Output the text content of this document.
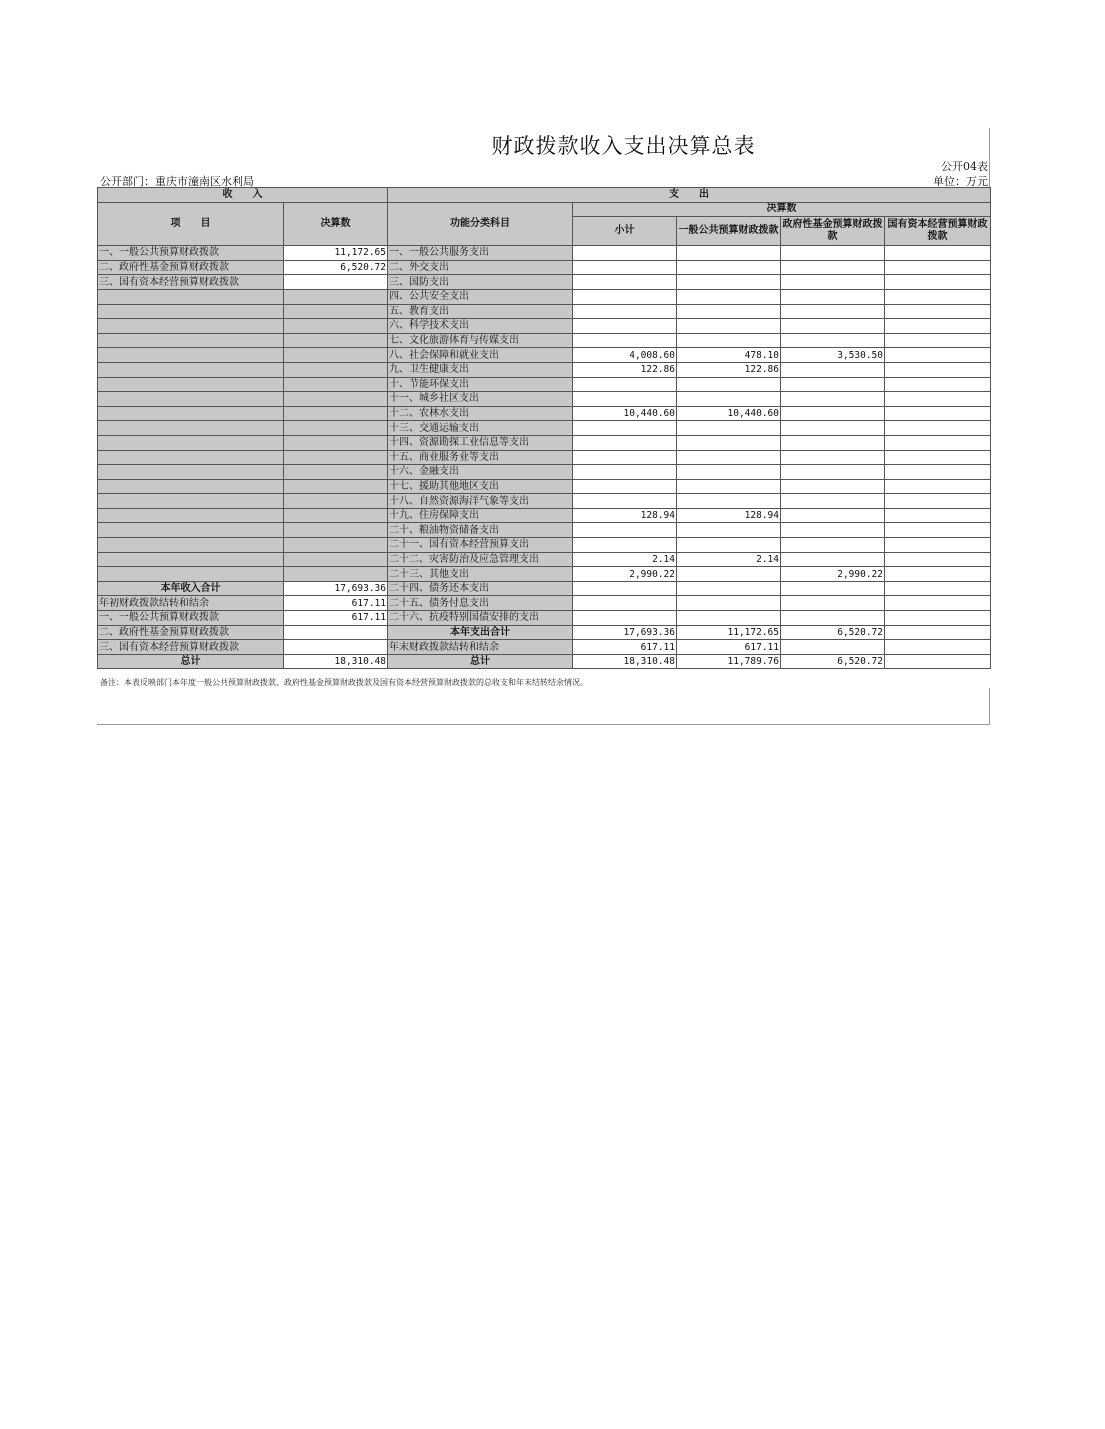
财政拨款收入支出决算总表
公开04表
公开部门：重庆市潼南区水利局	单位：万元
收　　入		支　　出				
项　　目	决算数	功能分类科目	决算数			
			小计	一般公共预算财政拨款	政府性基金预算财政拨款	国有资本经营预算财政拨款
一、一般公共预算财政拨款	11,172.65	一、一般公共服务支出				
二、政府性基金预算财政拨款	6,520.72	二、外交支出				
三、国有资本经营预算财政拨款		三、国防支出				
		四、公共安全支出				
		五、教育支出				
		六、科学技术支出				
		七、文化旅游体育与传媒支出				
		八、社会保障和就业支出	4,008.60	478.10	3,530.50	
		九、卫生健康支出	122.86	122.86		
		十、节能环保支出				
		十一、城乡社区支出				
		十二、农林水支出	10,440.60	10,440.60		
		十三、交通运输支出				
		十四、资源勘探工业信息等支出				
		十五、商业服务业等支出				
		十六、金融支出				
		十七、援助其他地区支出				
		十八、自然资源海洋气象等支出				
		十九、住房保障支出	128.94	128.94		
		二十、粮油物资储备支出				
		二十一、国有资本经营预算支出				
		二十二、灾害防治及应急管理支出	2.14	2.14		
		二十三、其他支出	2,990.22		2,990.22	
本年收入合计	17,693.36	二十四、债务还本支出				
年初财政拨款结转和结余	617.11	二十五、债务付息支出				
一、一般公共预算财政拨款	617.11	二十六、抗疫特别国债安排的支出				
二、政府性基金预算财政拨款		本年支出合计	17,693.36	11,172.65	6,520.72	
三、国有资本经营预算财政拨款		年末财政拨款结转和结余	617.11	617.11		
总计	18,310.48	总计	18,310.48	11,789.76	6,520.72	
备注：本表反映部门本年度一般公共预算财政拨款、政府性基金预算财政拨款及国有资本经营预算财政拨款的总收支和年末结转结余情况。
